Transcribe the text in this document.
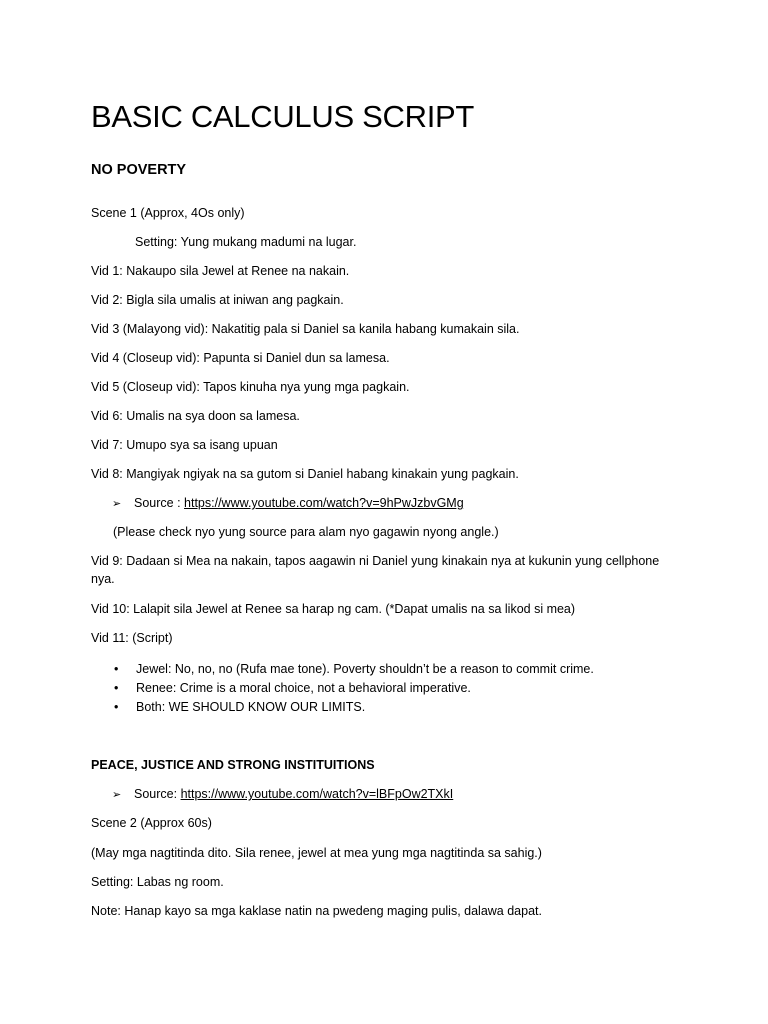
BASIC CALCULUS SCRIPT
NO POVERTY
Scene 1 (Approx, 4Os only)
Setting: Yung mukang madumi na lugar.
Vid 1: Nakaupo sila Jewel at Renee na nakain.
Vid 2: Bigla sila umalis at iniwan ang pagkain.
Vid 3 (Malayong vid): Nakatitig pala si Daniel sa kanila habang kumakain sila.
Vid 4 (Closeup vid): Papunta si Daniel dun sa lamesa.
Vid 5 (Closeup vid): Tapos kinuha nya yung mga pagkain.
Vid 6: Umalis na sya doon sa lamesa.
Vid 7: Umupo sya sa isang upuan
Vid 8: Mangiyak ngiyak na sa gutom si Daniel habang kinakain yung pagkain.
➢ Source : https://www.youtube.com/watch?v=9hPwJzbvGMg
(Please check nyo yung source para alam nyo gagawin nyong angle.)
Vid 9: Dadaan si Mea na nakain, tapos aagawin ni Daniel yung kinakain nya at kukunin yung cellphone nya.
Vid 10: Lalapit sila Jewel at Renee sa harap ng cam. (*Dapat umalis na sa likod si mea)
Vid 11: (Script)
• Jewel: No, no, no (Rufa mae tone). Poverty shouldn’t be a reason to commit crime.
• Renee: Crime is a moral choice, not a behavioral imperative.
• Both: WE SHOULD KNOW OUR LIMITS.
PEACE, JUSTICE AND STRONG INSTITUITIONS
➢ Source: https://www.youtube.com/watch?v=lBFpOw2TXkI
Scene 2 (Approx 60s)
(May mga nagtitinda dito. Sila renee, jewel at mea yung mga nagtitinda sa sahig.)
Setting: Labas ng room.
Note: Hanap kayo sa mga kaklase natin na pwedeng maging pulis, dalawa dapat.
